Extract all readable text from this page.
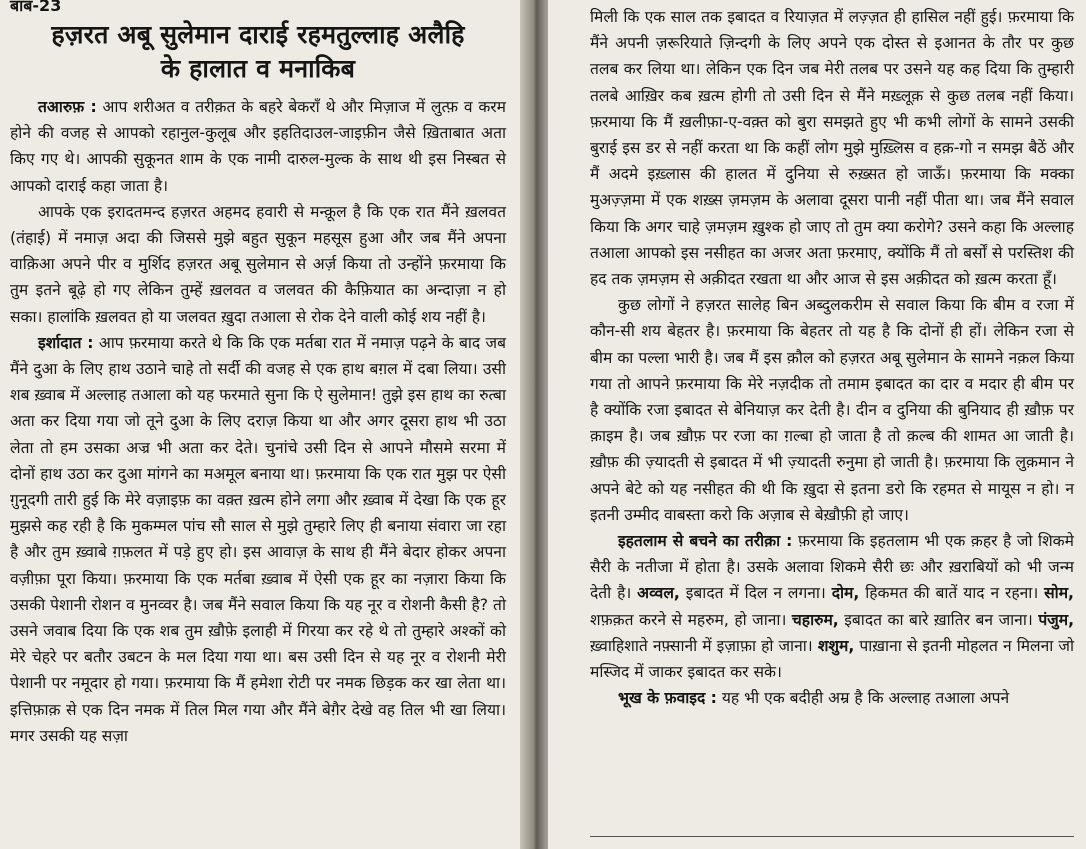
बाब-23
हज़रत अबू सुलेमान दाराई रहमतुल्लाह अलैहि
के हालात व मनाकिब

तआरुफ़ : आप शरीअत व तरीक़त के बहरे बेकराँ थे और मिज़ाज में लुत्फ़ व करम होने की वजह से आपको रहानुल-कुलूब और इहतिदाउल-जाइफ़ीन जैसे ख़िताबात अता किए गए थे। आपकी सुकूनत शाम के एक नामी दारुल-मुल्क के साथ थी इस निस्बत से आपको दाराई कहा जाता है।

आपके एक इरादतमन्द हज़रत अहमद हवारी से मन्क़ूल है कि एक रात मैंने ख़लवत (तंहाई) में नमाज़ अदा की जिससे मुझे बहुत सुकून महसूस हुआ और जब मैंने अपना वाक़िआ अपने पीर व मुर्शिद हज़रत अबू सुलेमान से अर्ज़ किया तो उन्होंने फ़रमाया कि तुम इतने बूढ़े हो गए लेकिन तुम्हें ख़लवत व जलवत की कैफ़ियात का अन्दाज़ा न हो सका। हालांकि ख़लवत हो या जलवत ख़ुदा तआला से रोक देने वाली कोई शय नहीं है।

इर्शादात : आप फ़रमाया करते थे कि कि एक मर्तबा रात में नमाज़ पढ़ने के बाद जब मैंने दुआ के लिए हाथ उठाने चाहे तो सर्दी की वजह से एक हाथ बग़ल में दबा लिया। उसी शब ख़्वाब में अल्लाह तआला को यह फरमाते सुना कि ऐ सुलेमान! तुझे इस हाथ का रुत्बा अता कर दिया गया जो तूने दुआ के लिए दराज़ किया था और अगर दूसरा हाथ भी उठा लेता तो हम उसका अज्र भी अता कर देते। चुनांचे उसी दिन से आपने मौसमे सरमा में दोनों हाथ उठा कर दुआ मांगने का मअमूल बनाया था। फ़रमाया कि एक रात मुझ पर ऐसी ग़ुनूदगी तारी हुई कि मेरे वज़ाइफ़ का वक़्त ख़त्म होने लगा और ख़्वाब में देखा कि एक हूर मुझसे कह रही है कि मुकम्मल पांच सौ साल से मुझे तुम्हारे लिए ही बनाया संवारा जा रहा है और तुम ख़्वाबे ग़फ़लत में पड़े हुए हो। इस आवाज़ के साथ ही मैंने बेदार होकर अपना वज़ीफ़ा पूरा किया। फ़रमाया कि एक मर्तबा ख़्वाब में ऐसी एक हूर का नज़ारा किया कि उसकी पेशानी रोशन व मुनव्वर है। जब मैंने सवाल किया कि यह नूर व रोशनी कैसी है? तो उसने जवाब दिया कि एक शब तुम ख़ौफ़े इलाही में गिरया कर रहे थे तो तुम्हारे अश्कों को मेरे चेहरे पर बतौर उबटन के मल दिया गया था। बस उसी दिन से यह नूर व रोशनी मेरी पेशानी पर नमूदार हो गया। फ़रमाया कि मैं हमेशा रोटी पर नमक छिड़क कर खा लेता था। इत्तिफ़ाक़ से एक दिन नमक में तिल मिल गया और मैंने बेग़ैर देखे वह तिल भी खा लिया। मगर उसकी यह सज़ा

मिली कि एक साल तक इबादत व रियाज़त में लज़्ज़त ही हासिल नहीं हुई। फ़रमाया कि मैंने अपनी ज़रूरियाते ज़िन्दगी के लिए अपने एक दोस्त से इआनत के तौर पर कुछ तलब कर लिया था। लेकिन एक दिन जब मेरी तलब पर उसने यह कह दिया कि तुम्हारी तलबे आख़िर कब ख़त्म होगी तो उसी दिन से मैंने मख़्लूक़ से कुछ तलब नहीं किया। फ़रमाया कि मैं ख़लीफ़ा-ए-वक़्त को बुरा समझते हुए भी कभी लोगों के सामने उसकी बुराई इस डर से नहीं करता था कि कहीं लोग मुझे मुख़्लिस व हक़-गो न समझ बैठें और मैं अदमे इख़्लास की हालत में दुनिया से रुख़्सत हो जाऊँ। फ़रमाया कि मक्का मुअज़्ज़मा में एक शख़्स ज़मज़म के अलावा दूसरा पानी नहीं पीता था। जब मैंने सवाल किया कि अगर चाहे ज़मज़म ख़ुश्क हो जाए तो तुम क्या करोगे? उसने कहा कि अल्लाह तआला आपको इस नसीहत का अजर अता फ़रमाए, क्योंकि मैं तो बर्सों से परस्तिश की हद तक ज़मज़म से अक़ीदत रखता था और आज से इस अक़ीदत को ख़त्म करता हूँ।

कुछ लोगों ने हज़रत सालेह बिन अब्दुलकरीम से सवाल किया कि बीम व रजा में कौन-सी शय बेहतर है। फ़रमाया कि बेहतर तो यह है कि दोनों ही हों। लेकिन रजा से बीम का पल्ला भारी है। जब मैं इस क़ौल को हज़रत अबू सुलेमान के सामने नक़ल किया गया तो आपने फ़रमाया कि मेरे नज़दीक तो तमाम इबादत का दार व मदार ही बीम पर है क्योंकि रजा इबादत से बेनियाज़ कर देती है। दीन व दुनिया की बुनियाद ही ख़ौफ़ पर क़ाइम है। जब ख़ौफ़ पर रजा का ग़ल्बा हो जाता है तो क़ल्ब की शामत आ जाती है। ख़ौफ़ की ज़्यादती से इबादत में भी ज़्यादती रुनुमा हो जाती है। फ़रमाया कि लुक़मान ने अपने बेटे को यह नसीहत की थी कि ख़ुदा से इतना डरो कि रहमत से मायूस न हो। न इतनी उम्मीद वाबस्ता करो कि अज़ाब से बेख़ौफ़ी हो जाए।

इहतलाम से बचने का तरीक़ा : फ़रमाया कि इहतलाम भी एक क़हर है जो शिकमे सैरी के नतीजा में होता है। उसके अलावा शिकमे सैरी छः और ख़राबियों को भी जन्म देती है। अव्वल, इबादत में दिल न लगना। दोम, हिकमत की बातें याद न रहना। सोम, शफ़क़त करने से महरुम, हो जाना। चहारुम, इबादत का बारे ख़ातिर बन जाना। पंजुम, ख़्वाहिशाते नफ़्सानी में इज़ाफ़ा हो जाना। शशुम, पाख़ाना से इतनी मोहलत न मिलना जो मस्जिद में जाकर इबादत कर सके।

भूख के फ़वाइद : यह भी एक बदीही अम्र है कि अल्लाह तआला अपने
